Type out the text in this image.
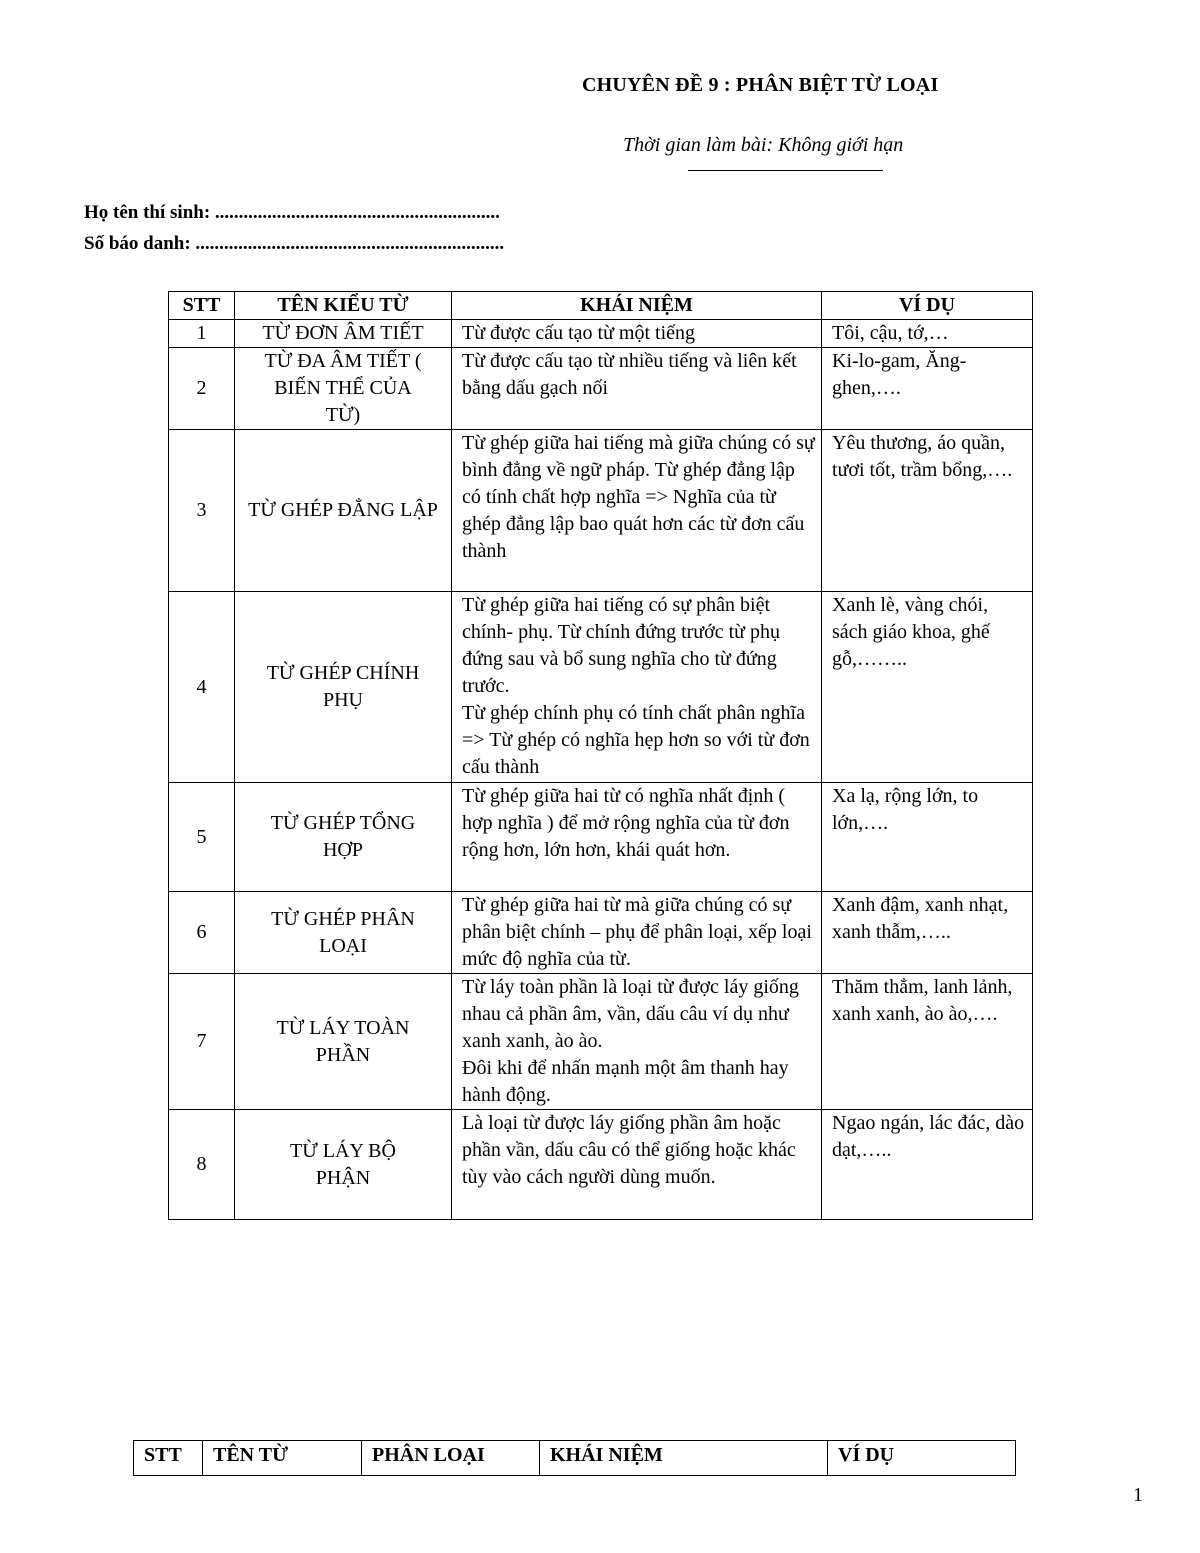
CHUYÊN ĐỀ 9 : PHÂN BIỆT TỪ LOẠI
Thời gian làm bài: Không giới hạn
Họ tên thí sinh: ............................................................
Số báo danh: .................................................................
STT	TÊN KIỂU TỪ	KHÁI NIỆM	VÍ DỤ
1	TỪ ĐƠN ÂM TIẾT	Từ được cấu tạo từ một tiếng	Tôi, cậu, tớ,…
2	TỪ ĐA ÂM TIẾT ( BIẾN THỂ CỦA TỪ)	Từ được cấu tạo từ nhiều tiếng và liên kết bằng dấu gạch nối	Ki-lo-gam, Ăng-ghen,….
3	TỪ GHÉP ĐẲNG LẬP	Từ ghép giữa hai tiếng mà giữa chúng có sự bình đẳng về ngữ pháp. Từ ghép đẳng lập có tính chất hợp nghĩa => Nghĩa của từ ghép đẳng lập bao quát hơn các từ đơn cấu thành	Yêu thương, áo quần, tươi tốt, trầm bổng,….
4	TỪ GHÉP CHÍNH PHỤ	Từ ghép giữa hai tiếng có sự phân biệt chính- phụ. Từ chính đứng trước từ phụ đứng sau và bổ sung nghĩa cho từ đứng trước.
Từ ghép chính phụ có tính chất phân nghĩa => Từ ghép có nghĩa hẹp hơn so với từ đơn cấu thành	Xanh lè, vàng chói, sách giáo khoa, ghế gỗ,……..
5	TỪ GHÉP TỔNG HỢP	Từ ghép giữa hai từ có nghĩa nhất định ( hợp nghĩa ) để mở rộng nghĩa của từ đơn rộng hơn, lớn hơn, khái quát hơn.	Xa lạ, rộng lớn, to lớn,….
6	TỪ GHÉP PHÂN LOẠI	Từ ghép giữa hai từ mà giữa chúng có sự phân biệt chính – phụ để phân loại, xếp loại mức độ nghĩa của từ.	Xanh đậm, xanh nhạt, xanh thẫm,…..
7	TỪ LÁY TOÀN PHẦN	Từ láy toàn phần là loại từ được láy giống nhau cả phần âm, vần, dấu câu ví dụ như xanh xanh, ào ào.
Đôi khi để nhấn mạnh một âm thanh hay hành động.	Thăm thẳm, lanh lảnh, xanh xanh, ào ào,….
8	TỪ LÁY BỘ PHẬN	Là loại từ được láy giống phần âm hoặc phần vần, dấu câu có thể giống hoặc khác tùy vào cách người dùng muốn.	Ngao ngán, lác đác, dào dạt,…..
STT	TÊN TỪ	PHÂN LOẠI	KHÁI NIỆM	VÍ DỤ
1
